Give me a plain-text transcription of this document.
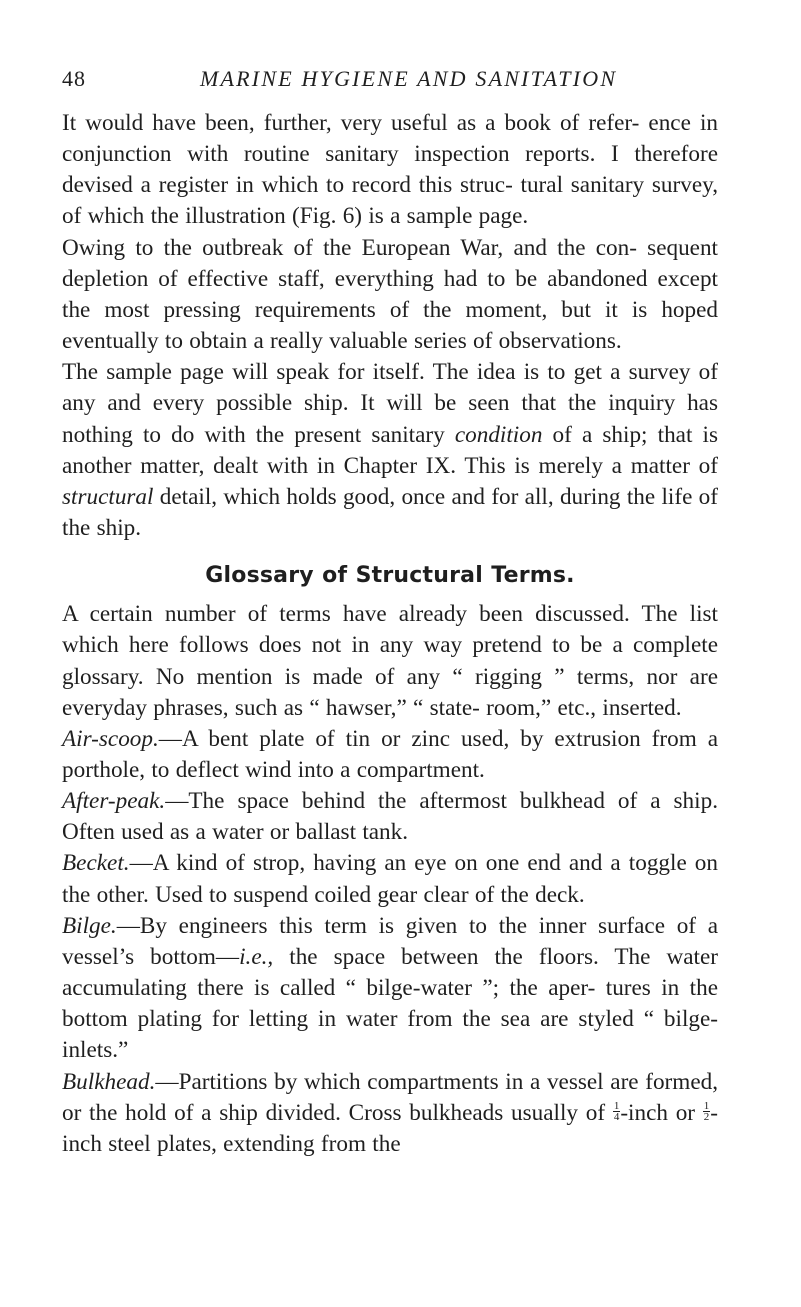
48	MARINE HYGIENE AND SANITATION

It would have been, further, very useful as a book of refer- ence in conjunction with routine sanitary inspection reports. I therefore devised a register in which to record this struc- tural sanitary survey, of which the illustration (Fig. 6) is a sample page.

Owing to the outbreak of the European War, and the con- sequent depletion of effective staff, everything had to be abandoned except the most pressing requirements of the moment, but it is hoped eventually to obtain a really valuable series of observations.

The sample page will speak for itself. The idea is to get a survey of any and every possible ship. It will be seen that the inquiry has nothing to do with the present sanitary condition of a ship; that is another matter, dealt with in Chapter IX. This is merely a matter of structural detail, which holds good, once and for all, during the life of the ship.

Glossary of Structural Terms.

A certain number of terms have already been discussed. The list which here follows does not in any way pretend to be a complete glossary. No mention is made of any “ rigging ” terms, nor are everyday phrases, such as “ hawser,” “ state- room,” etc., inserted.

Air-scoop.—A bent plate of tin or zinc used, by extrusion from a porthole, to deflect wind into a compartment.

After-peak.—The space behind the aftermost bulkhead of a ship. Often used as a water or ballast tank.

Becket.—A kind of strop, having an eye on one end and a toggle on the other. Used to suspend coiled gear clear of the deck.

Bilge.—By engineers this term is given to the inner surface of a vessel’s bottom—i.e., the space between the floors. The water accumulating there is called “ bilge-water ”; the aper- tures in the bottom plating for letting in water from the sea are styled “ bilge-inlets.”

Bulkhead.—Partitions by which compartments in a vessel are formed, or the hold of a ship divided. Cross bulkheads usually of $\frac{1}{4}$ -inch or $\frac{1}{2}$ -inch steel plates, extending from the
